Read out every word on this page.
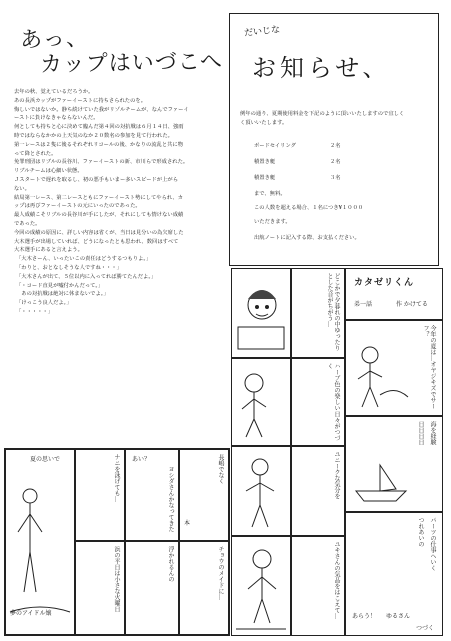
あっ、
カップはいづこへ

去年の秋、覚えているだろうか。

あの長浜カップがファーイーストに持ちさられたのを。

悔しいではないか。静ち続けていた我がリゾルチームが、なんでファーイ

ーストに負けなきゃならないんだ。

何としても持ちと心に決めて臨んだ第４回の対抗戦は６月１４日、強雨

時ではならなかかの上天気のなか２０数名の参加を見て行われた。

第一レースは２隻に後るそれぞれリコールの後、かなりの流乱と共に物

って降とされた。

免罪刑団はリブルの長谷川、ファーイーストの新、市川らで形成された。

リブルチームは心細い状態。

Ｊスタートで遅れを取るし、初の悪手もいまー多いスピードが上がら

ない。

結局第一レース、第二レースともにファーイースト勢にしてやられ、カ

ップは再びファーイーストの元にいったのであった。

最人成績こそリブルの長谷川が手にしたが、それにしても情けない成績

であった。

今回の成績の原因に、詳しい内容は省くが、当日は見分いの為欠席した

大木選手が出場していれば、どうになったとも思われ、数回はすべて

大木選手にあると言えよう。

「大木さーん、いったいこの責任はどうするつもりよ。」

「わりと、おとなしそうな人ですね・・・」

「大木さんが出て、５位以内に入ってれば勝てたんだよ。」

「・コード直見が嘘付かんだって。」

　あの対抗戦は絶対に休まないでよ。」

「けっこう良人だよ。」

「・・・・・」

だいじな
お知らせ、

例年の通り、夏期使用料金を下記のように頂いいたしますので宜しく

く頂いいたします。

ボードセイリング	２名
積置き艇	２名
積置き艇	３名
まで、無料。
この人数を超える場合、１名につき¥１０００
いただきます。
出航ノートに記入する際、お支払ください。
どこかで夕暮れの中ゆったりとした音がちがう…
ハーブ色の楽しい日々がつづく
ユニークな気分を
ユキさんの気品をはこえて…
カタゼリくん
弟一話	作 かけてる
今年の夏は…オヤジキズでサーフ？
海を経験
日日日日
パーツの仕事へいく
つれあいの
あらう！ ゆるさん
つづく
夏の思いで
夢のアイドル嬢
ナニを泳げても…
浜の平日は小さな火曜日
あい？
ヨシダさんかなってきた
浮かれるんの
長嶋でなく
本
チョウのメイドに…
